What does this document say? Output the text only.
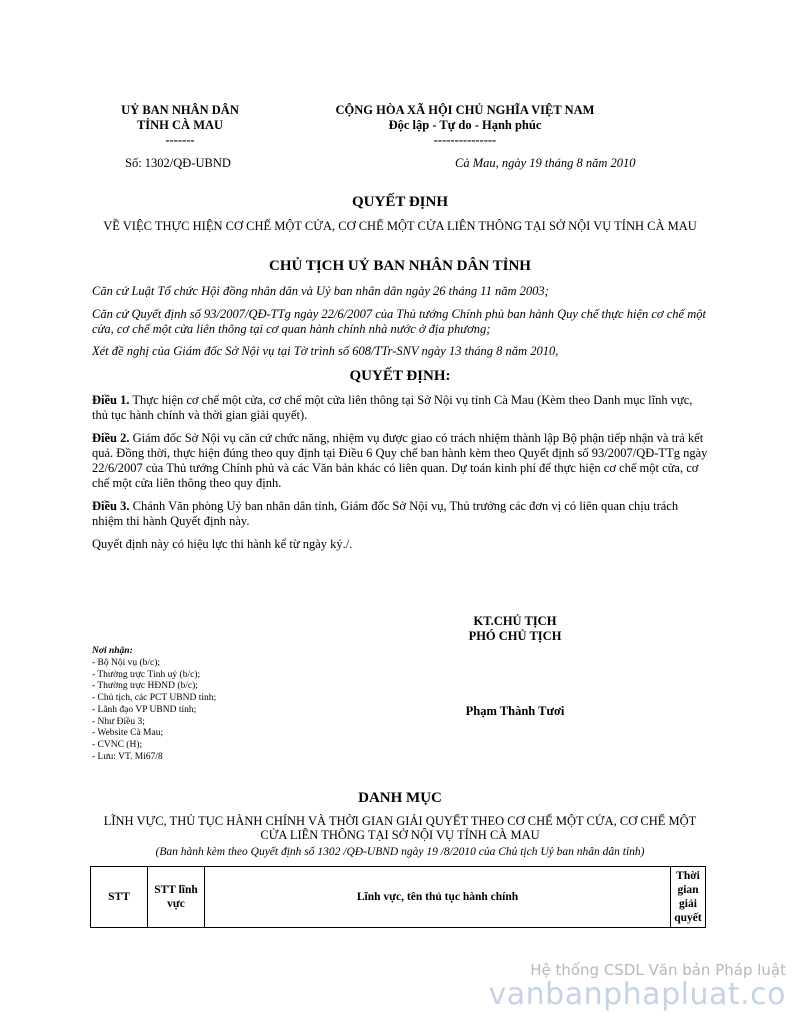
UỶ BAN NHÂN DÂN
TỈNH CÀ MAU
-------
CỘNG HÒA XÃ HỘI CHỦ NGHĨA VIỆT NAM
Độc lập - Tự do - Hạnh phúc
---------------
Số: 1302/QĐ-UBND	Cà Mau, ngày 19 tháng 8 năm 2010
QUYẾT ĐỊNH
VỀ VIỆC THỰC HIỆN CƠ CHẾ MỘT CỬA, CƠ CHẾ MỘT CỬA LIÊN THÔNG TẠI SỞ NỘI VỤ TỈNH CÀ MAU
CHỦ TỊCH UỶ BAN NHÂN DÂN TỈNH
Căn cứ Luật Tổ chức Hội đồng nhân dân và Uỷ ban nhân dân ngày 26 tháng 11 năm 2003;
Căn cứ Quyết định số 93/2007/QĐ-TTg ngày 22/6/2007 của Thủ tướng Chính phủ ban hành Quy chế thực hiện cơ chế một cửa, cơ chế một cửa liên thông tại cơ quan hành chính nhà nước ở địa phương;
Xét đề nghị của Giám đốc Sở Nội vụ tại Tờ trình số 608/TTr-SNV ngày 13 tháng 8 năm 2010,
QUYẾT ĐỊNH:
Điều 1. Thực hiện cơ chế một cửa, cơ chế một cửa liên thông tại Sở Nội vụ tỉnh Cà Mau (Kèm theo Danh mục lĩnh vực, thủ tục hành chính và thời gian giải quyết).
Điều 2. Giám đốc Sở Nội vụ căn cứ chức năng, nhiệm vụ được giao có trách nhiệm thành lập Bộ phận tiếp nhận và trả kết quả. Đồng thời, thực hiện đúng theo quy định tại Điều 6 Quy chế ban hành kèm theo Quyết định số 93/2007/QĐ-TTg ngày 22/6/2007 của Thủ tướng Chính phủ và các Văn bản khác có liên quan. Dự toán kinh phí để thực hiện cơ chế một cửa, cơ chế một cửa liên thông theo quy định.
Điều 3. Chánh Văn phòng Uỷ ban nhân dân tỉnh, Giám đốc Sở Nội vụ, Thủ trưởng các đơn vị có liên quan chịu trách nhiệm thi hành Quyết định này.
Quyết định này có hiệu lực thi hành kể từ ngày ký./.
KT.CHỦ TỊCH
PHÓ CHỦ TỊCH
Phạm Thành Tươi
Nơi nhận:
- Bộ Nội vụ (b/c);
- Thường trực Tỉnh uỷ (b/c);
- Thường trực HĐND (b/c);
- Chủ tịch, các PCT UBND tỉnh;
- Lãnh đạo VP UBND tỉnh;
- Như Điều 3;
- Website Cà Mau;
- CVNC (H);
- Lưu: VT. Mi67/8
DANH MỤC
LĨNH VỰC, THỦ TỤC HÀNH CHÍNH VÀ THỜI GIAN GIẢI QUYẾT THEO CƠ CHẾ MỘT CỬA, CƠ CHẾ MỘT CỬA LIÊN THÔNG TẠI SỞ NỘI VỤ TỈNH CÀ MAU
(Ban hành kèm theo Quyết định số 1302 /QĐ-UBND ngày 19 /8/2010 của Chủ tịch Uỷ ban nhân dân tỉnh)
STT	STT lĩnh vực	Lĩnh vực, tên thủ tục hành chính	Thời gian giải quyết
Hệ thống CSDL Văn bản Pháp luật
vanbanphapluat.co
